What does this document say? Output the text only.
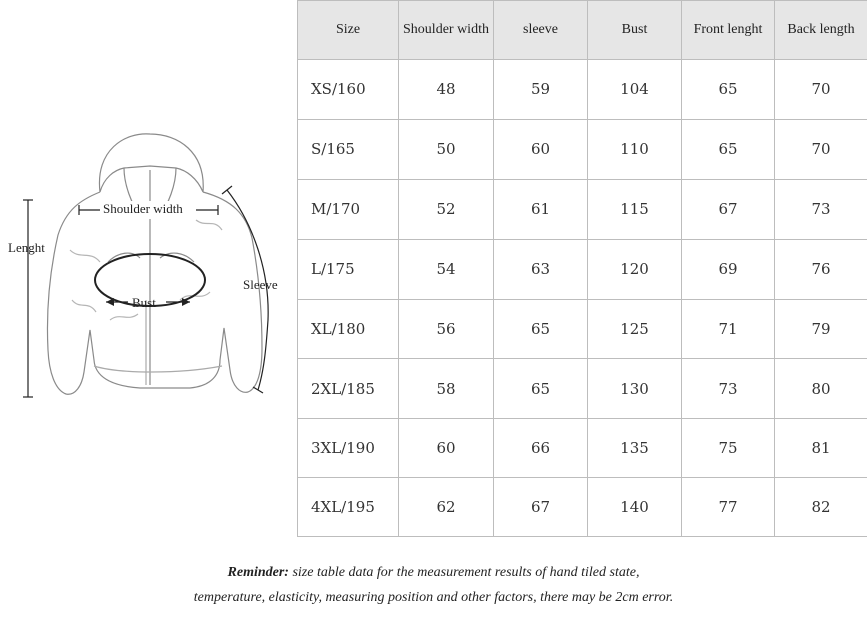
Lenght
Shoulder width
Sleeve
Bust
Size	Shoulder width	sleeve	Bust	Front lenght	Back length
XS/160	48	59	104	65	70
S/165	50	60	110	65	70
M/170	52	61	115	67	73
L/175	54	63	120	69	76
XL/180	56	65	125	71	79
2XL/185	58	65	130	73	80
3XL/190	60	66	135	75	81
4XL/195	62	67	140	77	82
Reminder: size table data for the measurement results of hand tiled state,
temperature, elasticity, measuring position and other factors, there may be 2cm error.
